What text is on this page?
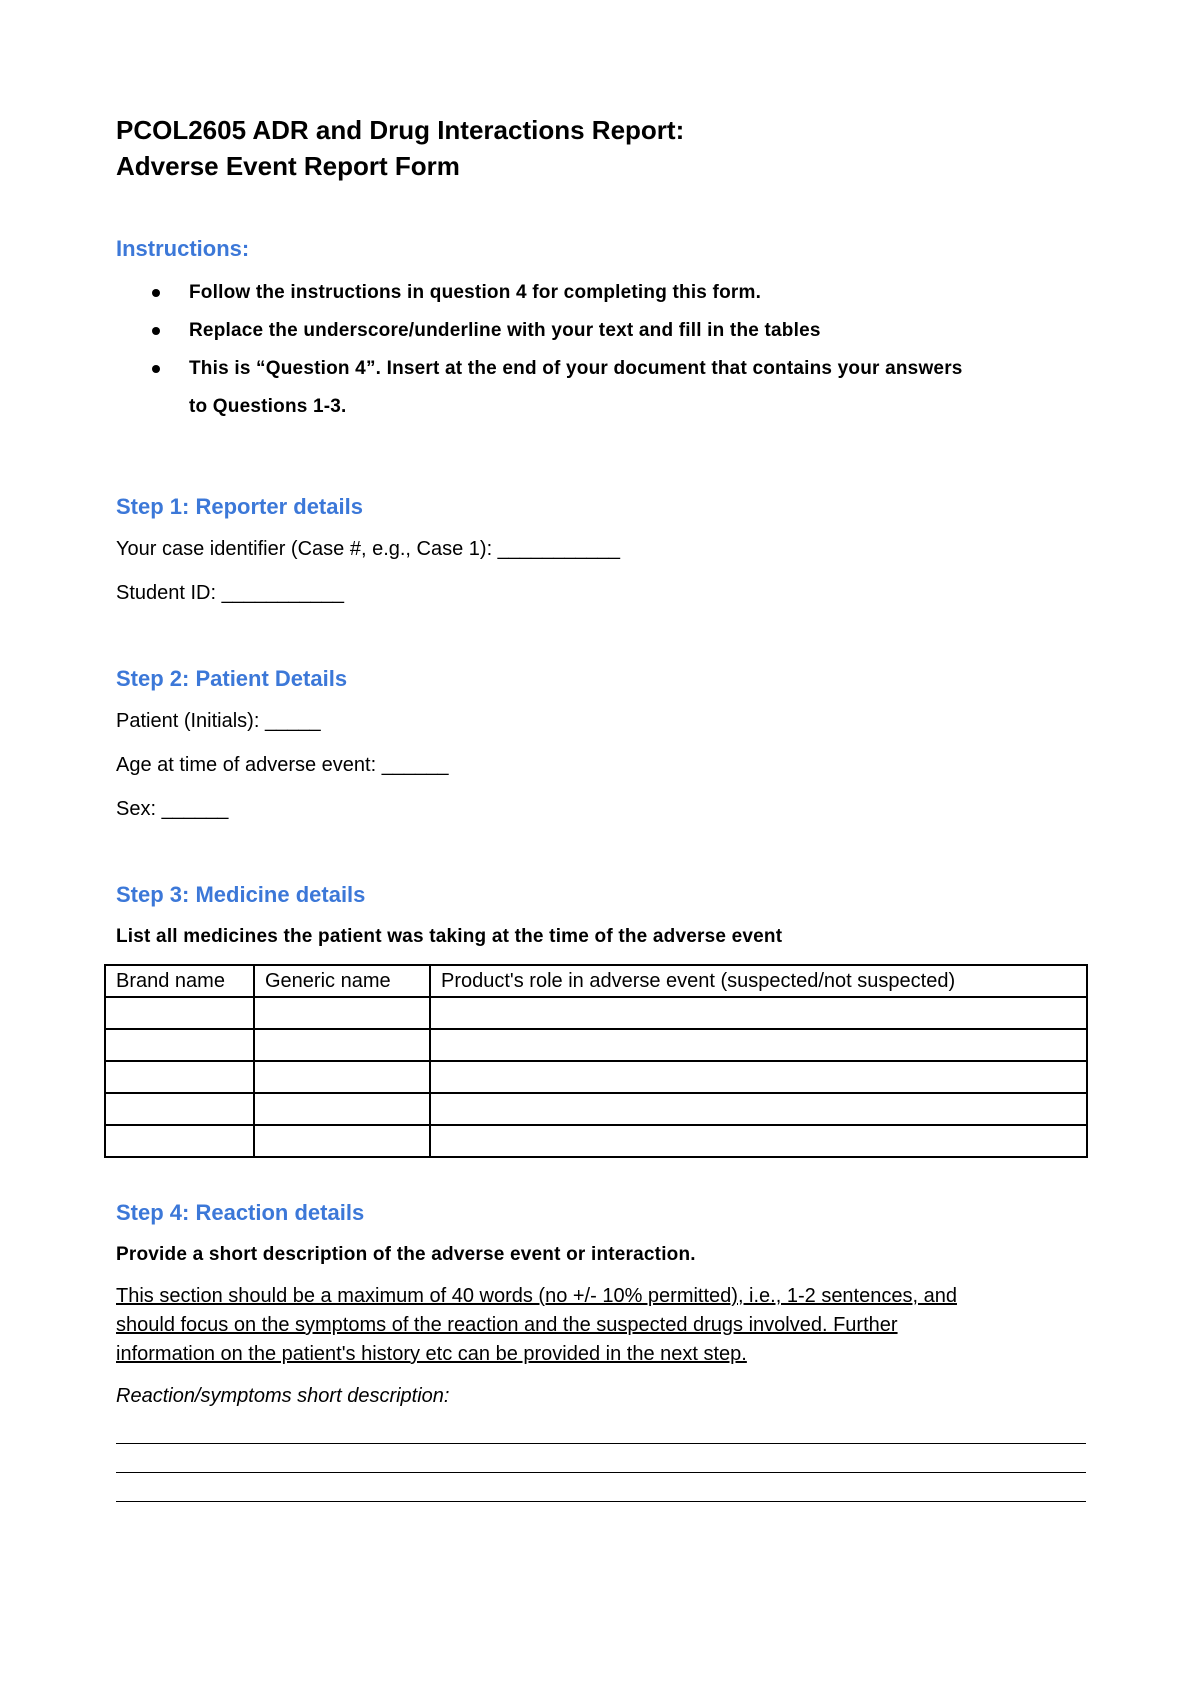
PCOL2605 ADR and Drug Interactions Report:

Adverse Event Report Form

Instructions:

Follow the instructions in question 4 for completing this form.
Replace the underscore/underline with your text and fill in the tables
This is “Question 4”. Insert at the end of your document that contains your answers
to Questions 1-3.

Step 1: Reporter details

Your case identifier (Case #, e.g., Case 1): ___________

Student ID: ___________

Step 2: Patient Details

Patient (Initials): _____

Age at time of adverse event: ______

Sex: ______

Step 3: Medicine details

List all medicines the patient was taking at the time of the adverse event

Brand name	Generic name	Product's role in adverse event (suspected/not suspected)

Step 4: Reaction details

Provide a short description of the adverse event or interaction.

This section should be a maximum of 40 words (no +/- 10% permitted), i.e., 1-2 sentences, and

should focus on the symptoms of the reaction and the suspected drugs involved. Further

information on the patient's history etc can be provided in the next step.

Reaction/symptoms short description:
